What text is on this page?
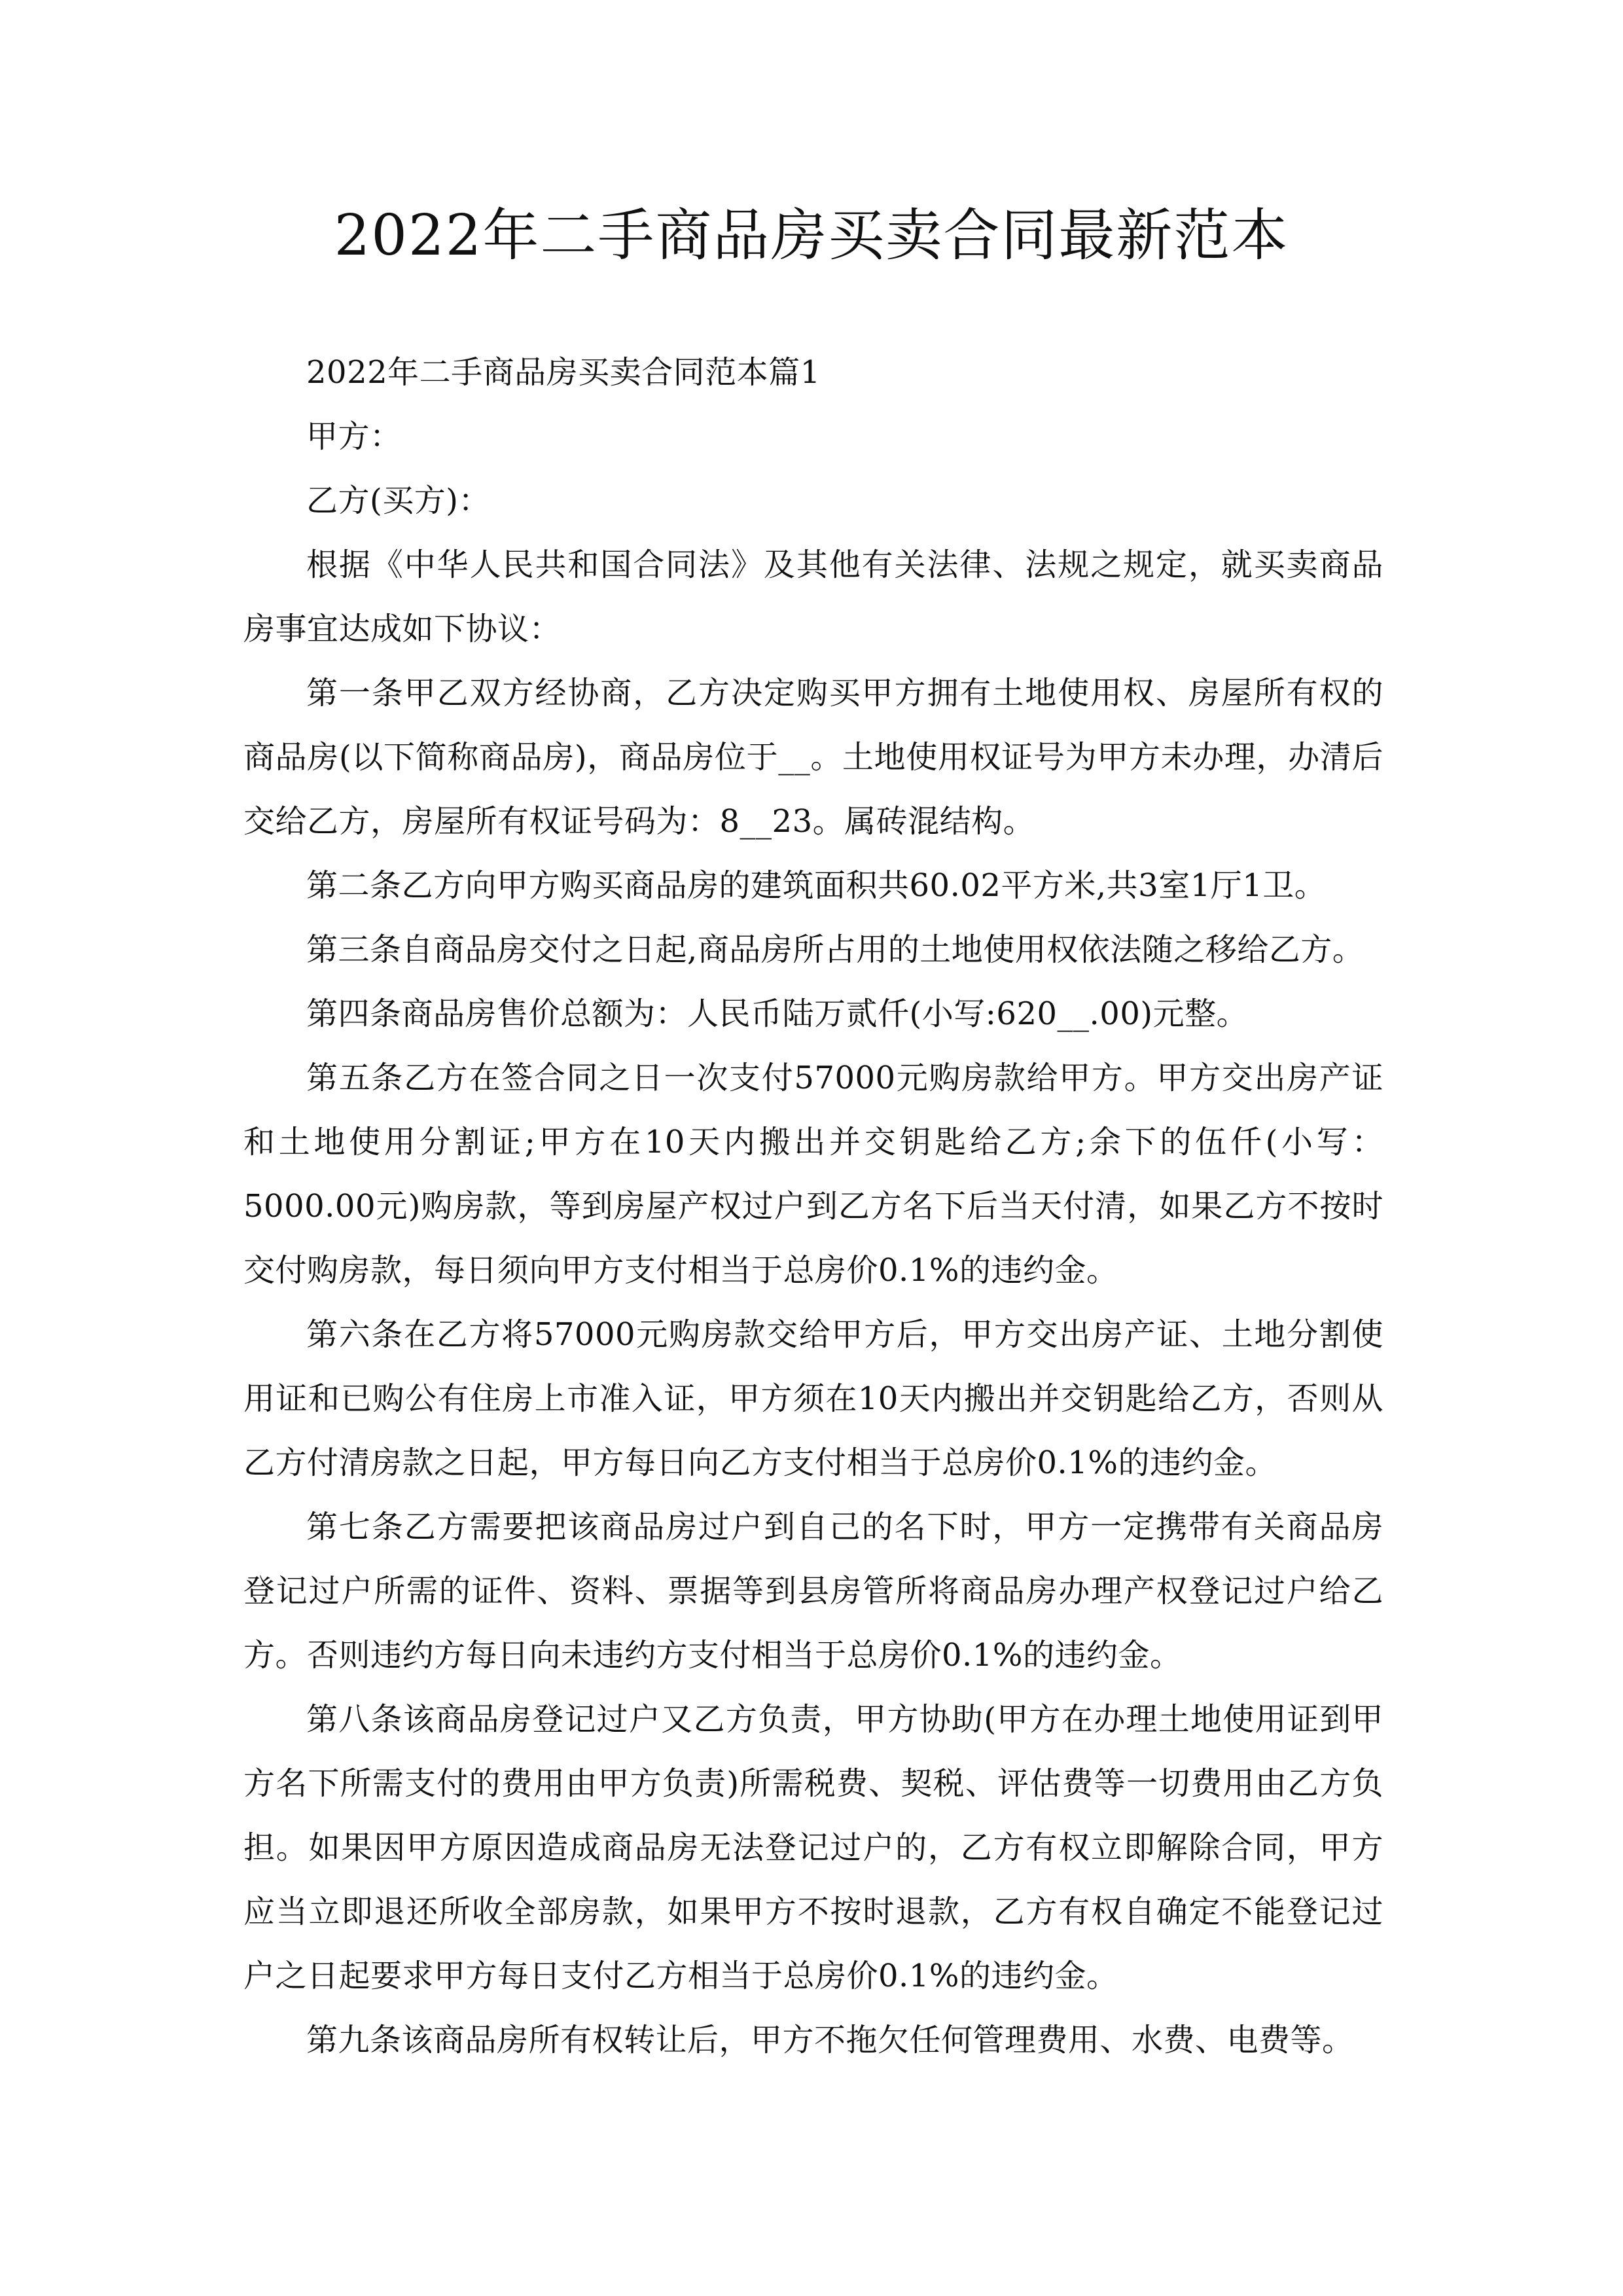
2022年二手商品房买卖合同最新范本

2022年二手商品房买卖合同范本篇1

甲方：

乙方(买方)：

根据《中华人民共和国合同法》及其他有关法律、法规之规定，就买卖商品房事宜达成如下协议：

第一条甲乙双方经协商，乙方决定购买甲方拥有土地使用权、房屋所有权的商品房(以下简称商品房)，商品房位于__。土地使用权证号为甲方未办理，办清后交给乙方，房屋所有权证号码为：8__23。属砖混结构。

第二条乙方向甲方购买商品房的建筑面积共60.02平方米,共3室1厅1卫。

第三条自商品房交付之日起,商品房所占用的土地使用权依法随之移给乙方。

第四条商品房售价总额为：人民币陆万贰仟(小写:620__.00)元整。

第五条乙方在签合同之日一次支付57000元购房款给甲方。甲方交出房产证和土地使用分割证;甲方在10天内搬出并交钥匙给乙方;余下的伍仟(小写：5000.00元)购房款，等到房屋产权过户到乙方名下后当天付清，如果乙方不按时交付购房款，每日须向甲方支付相当于总房价0.1%的违约金。

第六条在乙方将57000元购房款交给甲方后，甲方交出房产证、土地分割使用证和已购公有住房上市准入证，甲方须在10天内搬出并交钥匙给乙方，否则从乙方付清房款之日起，甲方每日向乙方支付相当于总房价0.1%的违约金。

第七条乙方需要把该商品房过户到自己的名下时，甲方一定携带有关商品房登记过户所需的证件、资料、票据等到县房管所将商品房办理产权登记过户给乙方。否则违约方每日向未违约方支付相当于总房价0.1%的违约金。

第八条该商品房登记过户又乙方负责，甲方协助(甲方在办理土地使用证到甲方名下所需支付的费用由甲方负责)所需税费、契税、评估费等一切费用由乙方负担。如果因甲方原因造成商品房无法登记过户的，乙方有权立即解除合同，甲方应当立即退还所收全部房款，如果甲方不按时退款，乙方有权自确定不能登记过户之日起要求甲方每日支付乙方相当于总房价0.1%的违约金。

第九条该商品房所有权转让后，甲方不拖欠任何管理费用、水费、电费等。
